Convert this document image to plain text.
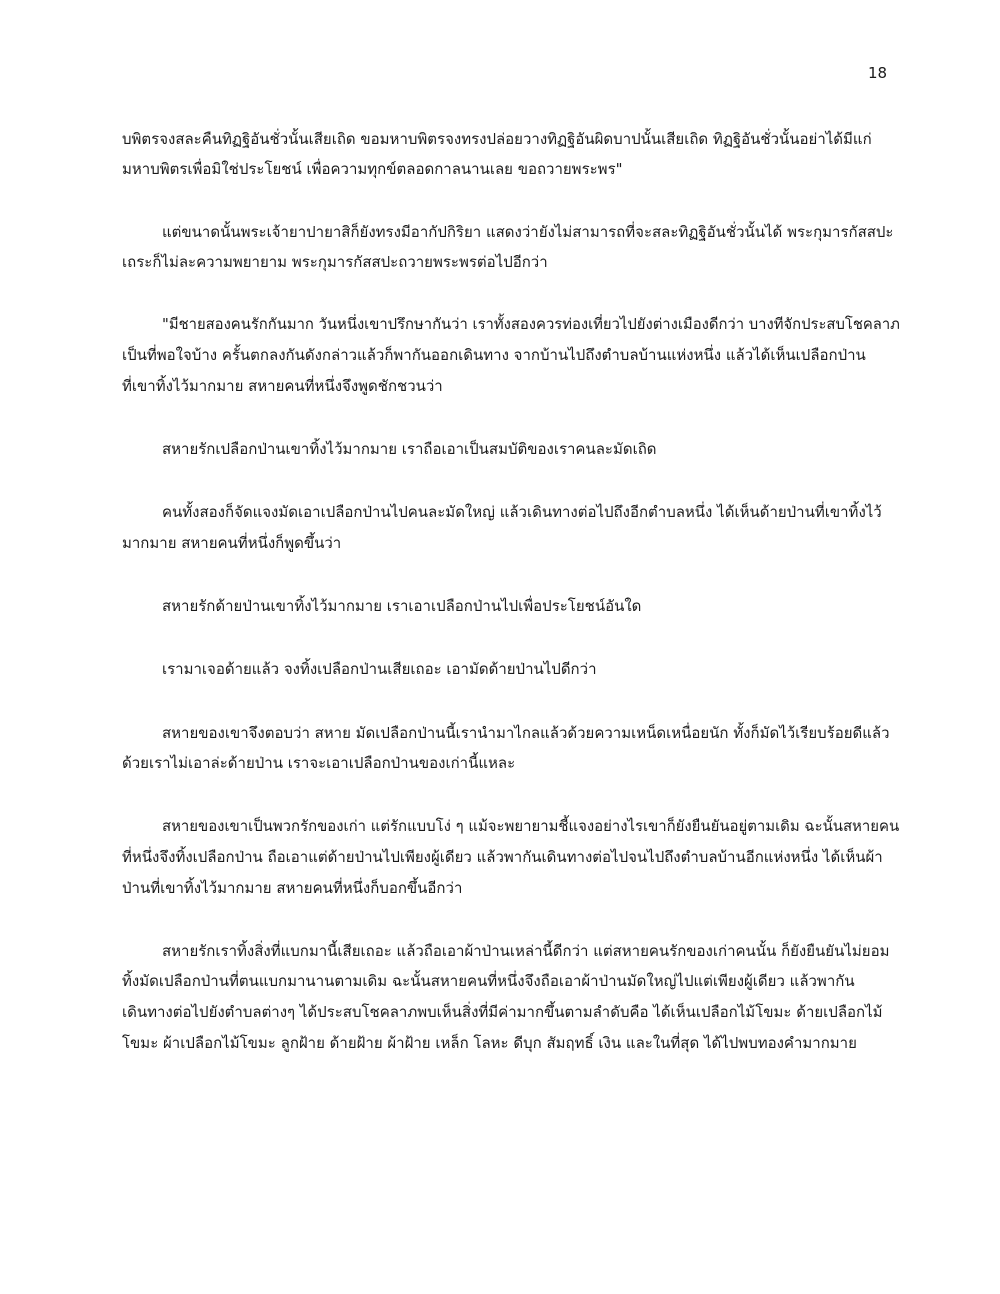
18
บพิตรจงสละคืนทิฏฐิอันชั่วนั้นเสียเถิด ขอมหาบพิตรจงทรงปล่อยวางทิฏฐิอันผิดบาปนั้นเสียเถิด ทิฏฐิอันชั่วนั้นอย่าได้มีแก่
มหาบพิตรเพื่อมิใช่ประโยชน์ เพื่อความทุกข์ตลอดกาลนานเลย ขอถวายพระพร"
แต่ขนาดนั้นพระเจ้ายาปายาสิก็ยังทรงมีอากัปกิริยา แสดงว่ายังไม่สามารถที่จะสละทิฏฐิอันชั่วนั้นได้ พระกุมารกัสสปะ
เถระก็ไม่ละความพยายาม พระกุมารกัสสปะถวายพระพรต่อไปอีกว่า
"มีชายสองคนรักกันมาก วันหนึ่งเขาปรึกษากันว่า เราทั้งสองควรท่องเที่ยวไปยังต่างเมืองดีกว่า บางทีจักประสบโชคลาภ
เป็นที่พอใจบ้าง ครั้นตกลงกันดังกล่าวแล้วก็พากันออกเดินทาง จากบ้านไปถึงตำบลบ้านแห่งหนึ่ง แล้วได้เห็นเปลือกป่าน
ที่เขาทิ้งไว้มากมาย สหายคนที่หนึ่งจึงพูดชักชวนว่า
สหายรักเปลือกป่านเขาทิ้งไว้มากมาย เราถือเอาเป็นสมบัติของเราคนละมัดเถิด
คนทั้งสองก็จัดแจงมัดเอาเปลือกป่านไปคนละมัดใหญ่ แล้วเดินทางต่อไปถึงอีกตำบลหนึ่ง ได้เห็นด้ายป่านที่เขาทิ้งไว้
มากมาย สหายคนที่หนึ่งก็พูดขึ้นว่า
สหายรักด้ายป่านเขาทิ้งไว้มากมาย เราเอาเปลือกป่านไปเพื่อประโยชน์อันใด
เรามาเจอด้ายแล้ว จงทิ้งเปลือกป่านเสียเถอะ เอามัดด้ายป่านไปดีกว่า
สหายของเขาจึงตอบว่า สหาย มัดเปลือกป่านนี้เรานำมาไกลแล้วด้วยความเหน็ดเหนื่อยนัก ทั้งก็มัดไว้เรียบร้อยดีแล้ว
ด้วยเราไม่เอาล่ะด้ายป่าน เราจะเอาเปลือกป่านของเก่านี้แหละ
สหายของเขาเป็นพวกรักของเก่า แต่รักแบบโง่ ๆ แม้จะพยายามชี้แจงอย่างไรเขาก็ยังยืนยันอยู่ตามเดิม ฉะนั้นสหายคน
ที่หนึ่งจึงทิ้งเปลือกป่าน ถือเอาแต่ด้ายป่านไปเพียงผู้เดียว แล้วพากันเดินทางต่อไปจนไปถึงตำบลบ้านอีกแห่งหนึ่ง ได้เห็นผ้า
ป่านที่เขาทิ้งไว้มากมาย สหายคนที่หนึ่งก็บอกขึ้นอีกว่า
สหายรักเราทิ้งสิ่งที่แบกมานี้เสียเถอะ แล้วถือเอาผ้าป่านเหล่านี้ดีกว่า แต่สหายคนรักของเก่าคนนั้น ก็ยังยืนยันไม่ยอม
ทิ้งมัดเปลือกป่านที่ตนแบกมานานตามเดิม ฉะนั้นสหายคนที่หนึ่งจึงถือเอาผ้าป่านมัดใหญ่ไปแต่เพียงผู้เดียว แล้วพากัน
เดินทางต่อไปยังตำบลต่างๆ ได้ประสบโชคลาภพบเห็นสิ่งที่มีค่ามากขึ้นตามลำดับคือ ได้เห็นเปลือกไม้โขมะ ด้ายเปลือกไม้
โขมะ ผ้าเปลือกไม้โขมะ ลูกฝ้าย ด้ายฝ้าย ผ้าฝ้าย เหล็ก โลหะ ดีบุก สัมฤทธิ์ เงิน และในที่สุด ได้ไปพบทองคำมากมาย
